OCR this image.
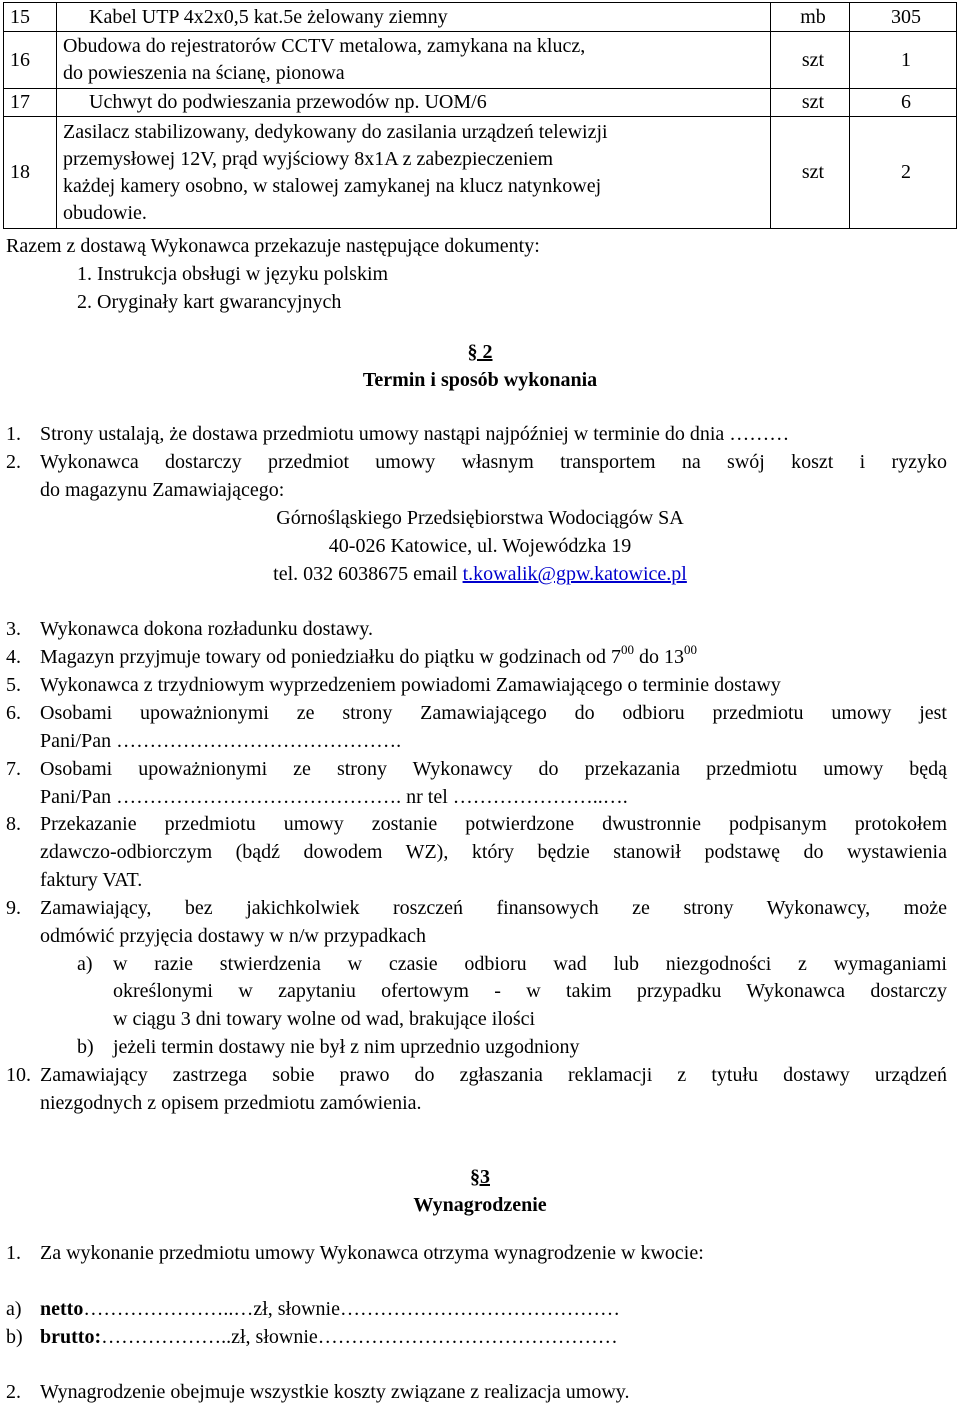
15	Kabel UTP 4x2x0,5 kat.5e żelowany ziemny	mb	305
16	Obudowa do rejestratorów CCTV metalowa, zamykana na klucz,
do powieszenia na ścianę, pionowa	szt	1
17	Uchwyt do podwieszania przewodów np. UOM/6	szt	6
18	Zasilacz stabilizowany, dedykowany do zasilania urządzeń telewizji
przemysłowej 12V, prąd wyjściowy 8x1A z zabezpieczeniem
każdej kamery osobno, w stalowej zamykanej na klucz natynkowej
obudowie.	szt	2
Razem z dostawą Wykonawca przekazuje następujące dokumenty:
1. Instrukcja obsługi w języku polskim
2. Oryginały kart gwarancyjnych
§ 2
Termin i sposób wykonania
1. Strony ustalają, że dostawa przedmiotu umowy nastąpi najpóźniej w terminie do dnia ………
2. Wykonawca dostarczy przedmiot umowy własnym transportem na swój koszt i ryzyko
do magazynu Zamawiającego:
Górnośląskiego Przedsiębiorstwa Wodociągów SA
40-026 Katowice, ul. Wojewódzka 19
tel. 032 6038675 email t.kowalik@gpw.katowice.pl
3. Wykonawca dokona rozładunku dostawy.
4. Magazyn przyjmuje towary od poniedziałku do piątku w godzinach od $7^{00}$ do $13^{00}$
5. Wykonawca z trzydniowym wyprzedzeniem powiadomi Zamawiającego o terminie dostawy
6. Osobami upoważnionymi ze strony Zamawiającego do odbioru przedmiotu umowy jest
Pani/Pan …………………………………….
7. Osobami upoważnionymi ze strony Wykonawcy do przekazania przedmiotu umowy będą
Pani/Pan ……………………………………. nr tel …………………..….
8. Przekazanie przedmiotu umowy zostanie potwierdzone dwustronnie podpisanym protokołem
zdawczo-odbiorczym (bądź dowodem WZ), który będzie stanowił podstawę do wystawienia
faktury VAT.
9. Zamawiający, bez jakichkolwiek roszczeń finansowych ze strony Wykonawcy, może
odmówić przyjęcia dostawy w n/w przypadkach
a) w razie stwierdzenia w czasie odbioru wad lub niezgodności z wymaganiami
określonymi w zapytaniu ofertowym - w takim przypadku Wykonawca dostarczy
w ciągu 3 dni towary wolne od wad, brakujące ilości
b) jeżeli termin dostawy nie był z nim uprzednio uzgodniony
10. Zamawiający zastrzega sobie prawo do zgłaszania reklamacji z tytułu dostawy urządzeń
niezgodnych z opisem przedmiotu zamówienia.
§3
Wynagrodzenie
1. Za wykonanie przedmiotu umowy Wykonawca otrzyma wynagrodzenie w kwocie:
a) netto…………………..…zł, słownie……………………………………
b) brutto:………………..zł, słownie………………………………………
2. Wynagrodzenie obejmuje wszystkie koszty związane z realizacja umowy.
